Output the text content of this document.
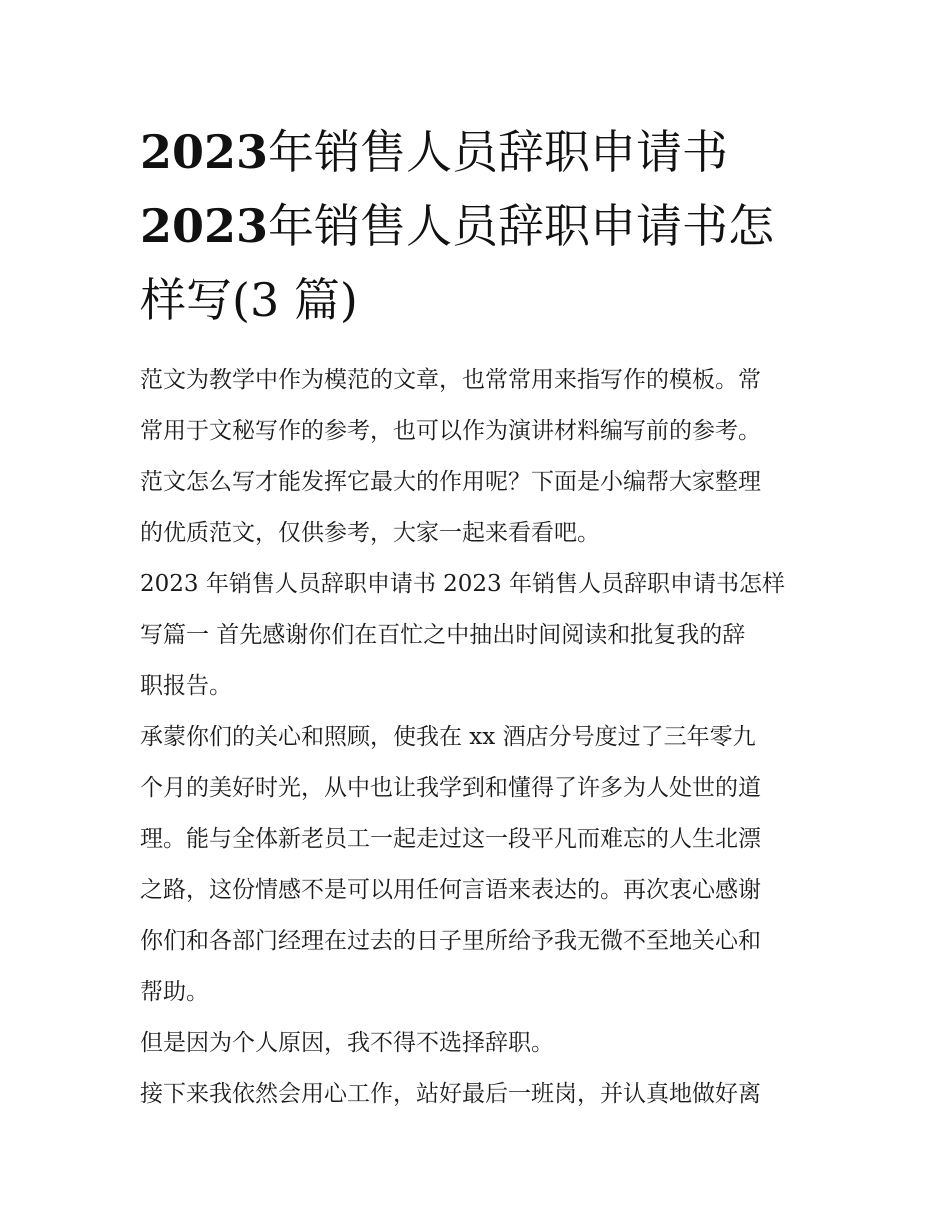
2023年销售人员辞职申请书
2023年销售人员辞职申请书怎
样写(3 篇)
范文为教学中作为模范的文章，也常常用来指写作的模板。常
常用于文秘写作的参考，也可以作为演讲材料编写前的参考。
范文怎么写才能发挥它最大的作用呢？下面是小编帮大家整理
的优质范文，仅供参考，大家一起来看看吧。
2023 年销售人员辞职申请书 2023 年销售人员辞职申请书怎样
写篇一 首先感谢你们在百忙之中抽出时间阅读和批复我的辞
职报告。
承蒙你们的关心和照顾，使我在 xx 酒店分号度过了三年零九
个月的美好时光，从中也让我学到和懂得了许多为人处世的道
理。能与全体新老员工一起走过这一段平凡而难忘的人生北漂
之路，这份情感不是可以用任何言语来表达的。再次衷心感谢
你们和各部门经理在过去的日子里所给予我无微不至地关心和
帮助。
但是因为个人原因，我不得不选择辞职。
接下来我依然会用心工作，站好最后一班岗，并认真地做好离
